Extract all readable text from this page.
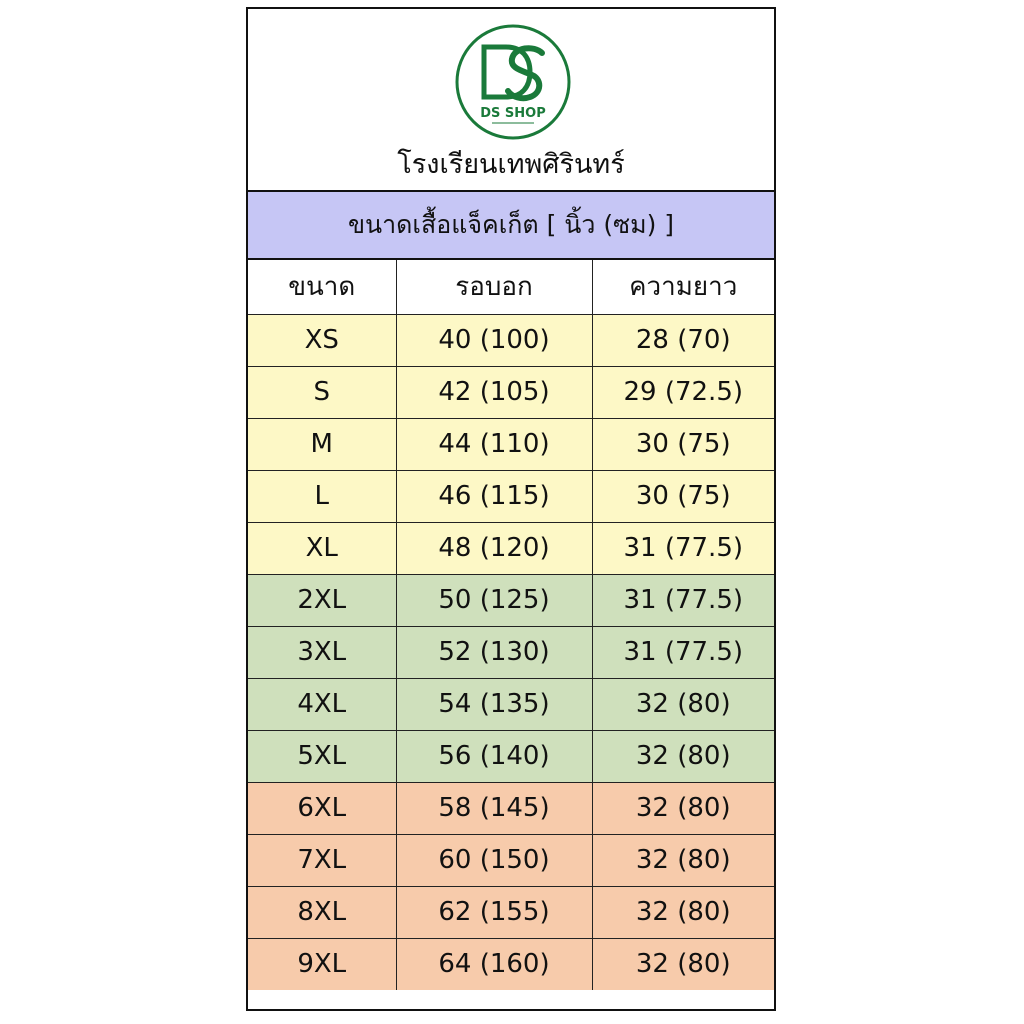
DS SHOP
โรงเรียนเทพศิรินทร์
ขนาดเสื้อแจ็คเก็ต [ นิ้ว (ซม) ]
ขนาด	รอบอก	ความยาว
XS	40 (100)	28 (70)
S	42 (105)	29 (72.5)
M	44 (110)	30 (75)
L	46 (115)	30 (75)
XL	48 (120)	31 (77.5)
2XL	50 (125)	31 (77.5)
3XL	52 (130)	31 (77.5)
4XL	54 (135)	32 (80)
5XL	56 (140)	32 (80)
6XL	58 (145)	32 (80)
7XL	60 (150)	32 (80)
8XL	62 (155)	32 (80)
9XL	64 (160)	32 (80)
